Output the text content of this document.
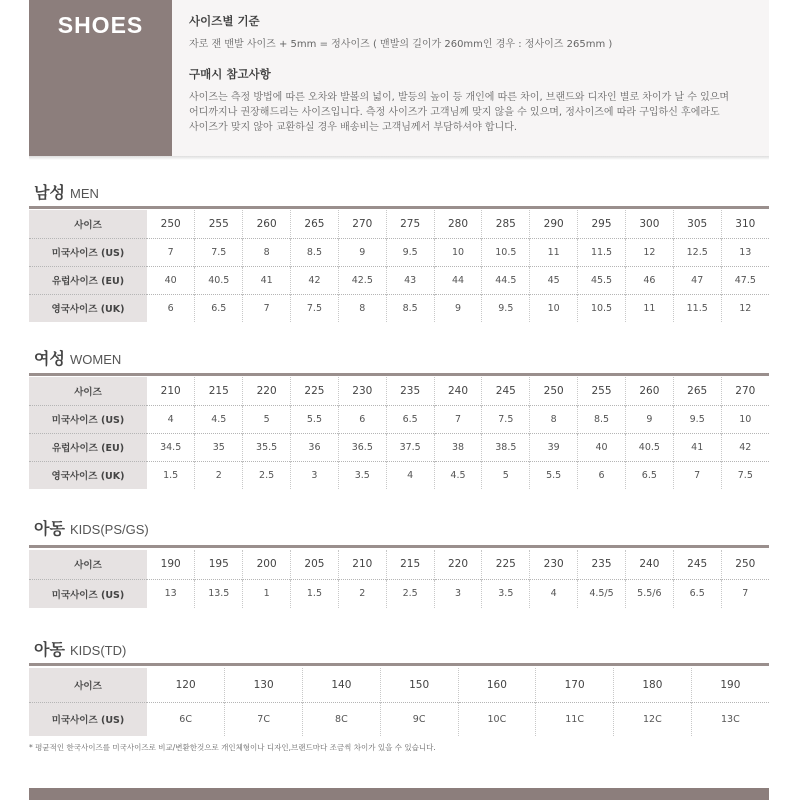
SHOES	사이즈별 기준
자로 잰 맨발 사이즈 + 5mm = 정사이즈 ( 맨발의 길이가 260mm인 경우 : 정사이즈 265mm )
구매시 참고사항
사이즈는 측정 방법에 따른 오차와 발볼의 넓이, 발등의 높이 등 개인에 따른 차이, 브랜드와 디자인 별로 차이가 날 수 있으며
어디까지나 권장해드리는 사이즈입니다. 측정 사이즈가 고객님께 맞지 않을 수 있으며, 정사이즈에 따라 구입하신 후에라도
사이즈가 맞지 않아 교환하실 경우 배송비는 고객님께서 부담하셔야 합니다.
남성 MEN
사이즈	250	255	260	265	270	275	280	285	290	295	300	305	310
미국사이즈 (US)	7	7.5	8	8.5	9	9.5	10	10.5	11	11.5	12	12.5	13
유럽사이즈 (EU)	40	40.5	41	42	42.5	43	44	44.5	45	45.5	46	47	47.5
영국사이즈 (UK)	6	6.5	7	7.5	8	8.5	9	9.5	10	10.5	11	11.5	12
여성 WOMEN
사이즈	210	215	220	225	230	235	240	245	250	255	260	265	270
미국사이즈 (US)	4	4.5	5	5.5	6	6.5	7	7.5	8	8.5	9	9.5	10
유럽사이즈 (EU)	34.5	35	35.5	36	36.5	37.5	38	38.5	39	40	40.5	41	42
영국사이즈 (UK)	1.5	2	2.5	3	3.5	4	4.5	5	5.5	6	6.5	7	7.5
아동 KIDS(PS/GS)
사이즈	190	195	200	205	210	215	220	225	230	235	240	245	250
미국사이즈 (US)	13	13.5	1	1.5	2	2.5	3	3.5	4	4.5/5	5.5/6	6.5	7
아동 KIDS(TD)
사이즈	120	130	140	150	160	170	180	190
미국사이즈 (US)	6C	7C	8C	9C	10C	11C	12C	13C
* 평균적인 한국사이즈를 미국사이즈로 비교/변환한것으로 개인체형이나 디자인,브랜드마다 조금씩 차이가 있을 수 있습니다.
